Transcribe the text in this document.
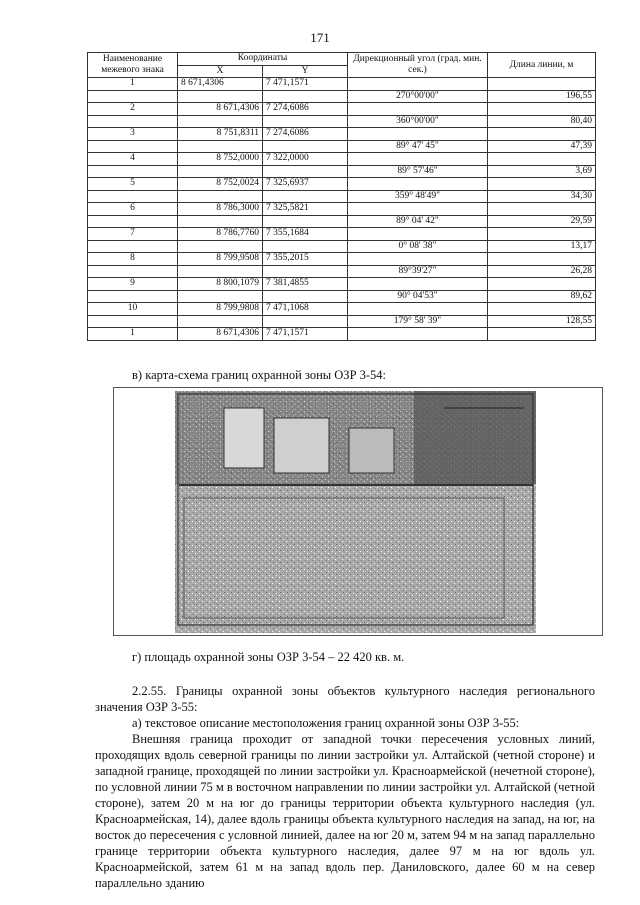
171
Наименование межевого знака	Координаты		Дирекционный угол (град. мин. сек.)	Длина линии, м
	X	Y		
1	8 671,4306	7 471,1571		
			270°00'00"	196,55
2	8 671,4306	7 274,6086		
			360°00'00"	80,40
3	8 751,8311	7 274,6086		
			89° 47' 45"	47,39
4	8 752,0000	7 322,0000		
			89° 57'46"	3,69
5	8 752,0024	7 325,6937		
			359° 48'49"	34,30
6	8 786,3000	7 325,5821		
			89° 04' 42"	29,59
7	8 786,7760	7 355,1684		
			0° 08' 38"	13,17
8	8 799,9508	7 355,2015		
			89°39'27"	26,28
9	8 800,1079	7 381,4855		
			90° 04'53"	89,62
10	8 799,9808	7 471,1068		
			179° 58' 39"	128,55
1	8 671,4306	7 471,1571		
в) карта-схема границ охранной зоны ОЗР 3-54:
г) площадь охранной зоны ОЗР 3-54 – 22 420 кв. м.

2.2.55. Границы охранной зоны объектов культурного наследия регионального значения ОЗР 3-55:

а) текстовое описание местоположения границ охранной зоны ОЗР 3-55:

Внешняя граница проходит от западной точки пересечения условных линий, проходящих вдоль северной границы по линии застройки ул. Алтайской (четной стороне) и западной границе, проходящей по линии застройки ул. Красноармейской (нечетной стороне), по условной линии 75 м в восточном направлении по линии застройки ул. Алтайской (четной стороне), затем 20 м на юг до границы территории объекта культурного наследия (ул. Красноармейская, 14), далее вдоль границы объекта культурного наследия на запад, на юг, на восток до пересечения с условной линией, далее на юг 20 м, затем 94 м на запад параллельно границе территории объекта культурного наследия, далее 97 м на юг вдоль ул. Красноармейской, затем 61 м на запад вдоль пер. Даниловского, далее 60 м на север параллельно зданию
